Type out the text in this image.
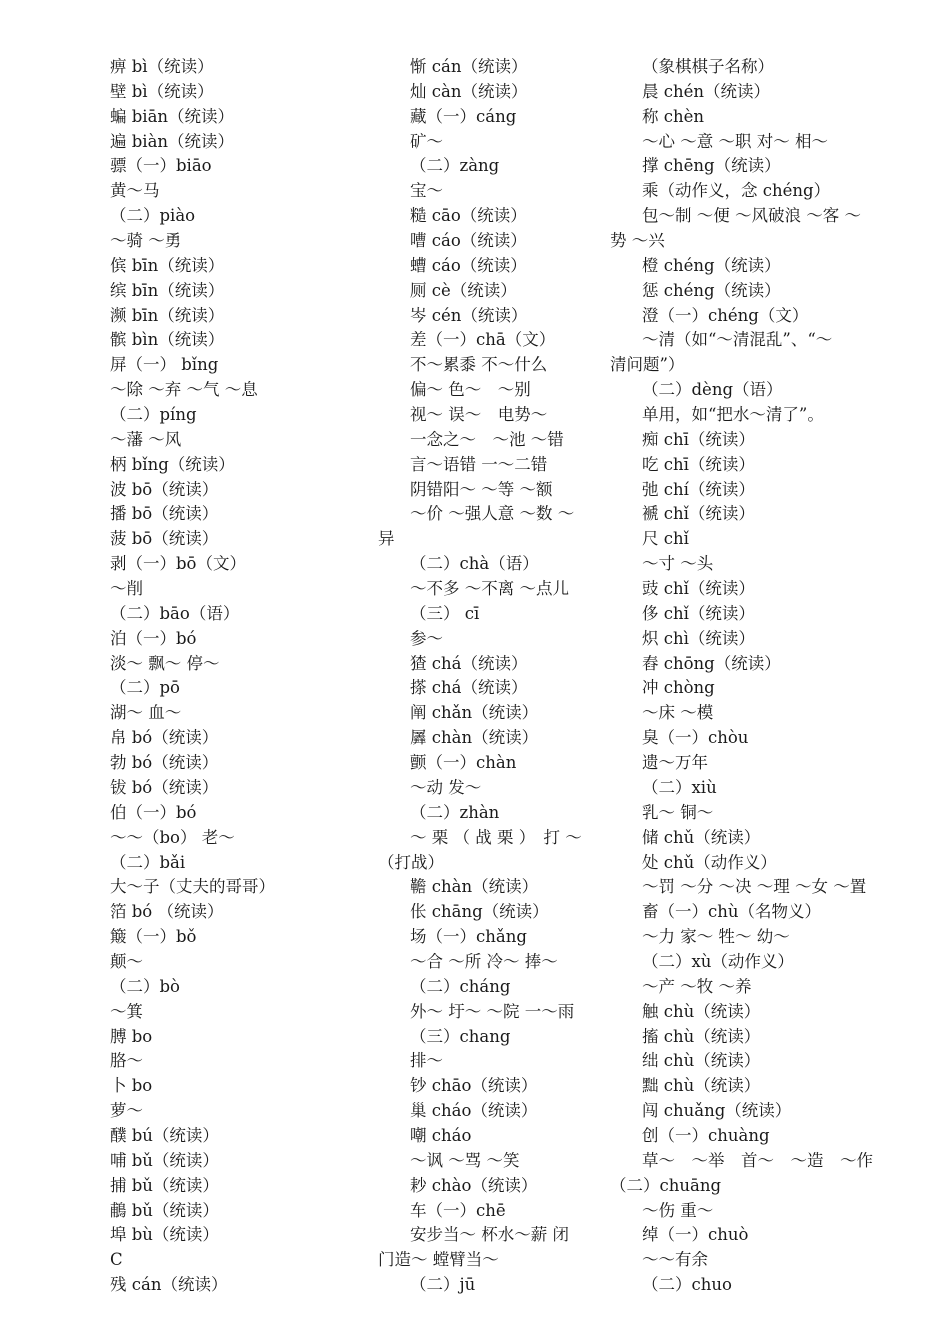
痹 bì（统读）
壁 bì（统读）
蝙 biān（统读）
遍 biàn（统读）
骠（一）biāo
黄～马
（二）piào
～骑 ～勇
傧 bīn（统读）
缤 bīn（统读）
濒 bīn（统读）
髌 bìn（统读）
屏（一） bǐng
～除 ～弃 ～气 ～息
（二）píng
～藩 ～风
柄 bǐng（统读）
波 bō（统读）
播 bō（统读）
菠 bō（统读）
剥（一）bō（文）
～削
（二）bāo（语）
泊（一）bó
淡～ 飘～ 停～
（二）pō
湖～ 血～
帛 bó（统读）
勃 bó（统读）
钹 bó（统读）
伯（一）bó
～～（bo） 老～
（二）bǎi
大～子（丈夫的哥哥）
箔 bó （统读）
簸（一）bǒ
颠～
（二）bò
～箕
膊 bo
胳～
卜 bo
萝～
醭 bú（统读）
哺 bǔ（统读）
捕 bǔ（统读）
鵏 bǔ（统读）
埠 bù（统读）
C
残 cán（统读）
惭 cán（统读）
灿 càn（统读）
藏（一）cáng
矿～
（二）zàng
宝～
糙 cāo（统读）
嘈 cáo（统读）
螬 cáo（统读）
厕 cè（统读）
岑 cén（统读）
差（一）chā（文）
不～累黍 不～什么
偏～ 色～　～别
视～ 误～　电势～
一念之～　～池 ～错
言～语错 一～二错
阴错阳～ ～等 ～额
～价 ～强人意 ～数 ～
异
（二）chà（语）
～不多 ～不离 ～点儿
（三） cī
参～
猹 chá（统读）
搽 chá（统读）
阐 chǎn（统读）
羼 chàn（统读）
颤（一）chàn
～动 发～
（二）zhàn
～ 栗 （ 战 栗 ）　打 ～
（打战）
韂 chàn（统读）
伥 chāng（统读）
场（一）chǎng
～合 ～所 冷～ 捧～
（二）cháng
外～ 圩～ ～院 一～雨
（三）chang
排～
钞 chāo（统读）
巢 cháo（统读）
嘲 cháo
～讽 ～骂 ～笑
耖 chào（统读）
车（一）chē
安步当～ 杯水～薪 闭
门造～ 螳臂当～
（二）jū
（象棋棋子名称）
晨 chén（统读）
称 chèn
～心 ～意 ～职 对～ 相～
撑 chēng（统读）
乘（动作义，念 chéng）
包～制 ～便 ～风破浪 ～客 ～
势 ～兴
橙 chéng（统读）
惩 chéng（统读）
澄（一）chéng（文）
～清（如“～清混乱”、“～
清问题”）
（二）dèng（语）
单用，如“把水～清了”。
痴 chī（统读）
吃 chī（统读）
弛 chí（统读）
褫 chǐ（统读）
尺 chǐ
～寸 ～头
豉 chǐ（统读）
侈 chǐ（统读）
炽 chì（统读）
舂 chōng（统读）
冲 chòng
～床 ～模
臭（一）chòu
遗～万年
（二）xiù
乳～ 铜～
储 chǔ（统读）
处 chǔ（动作义）
～罚 ～分 ～决 ～理 ～女 ～置
畜（一）chù（名物义）
～力 家～ 牲～ 幼～
（二）xù（动作义）
～产 ～牧 ～养
触 chù（统读）
搐 chù（统读）
绌 chù（统读）
黜 chù（统读）
闯 chuǎng（统读）
创（一）chuàng
草～　～举　首～　～造　～作
（二）chuāng
～伤 重～
绰（一）chuò
～～有余
（二）chuo
